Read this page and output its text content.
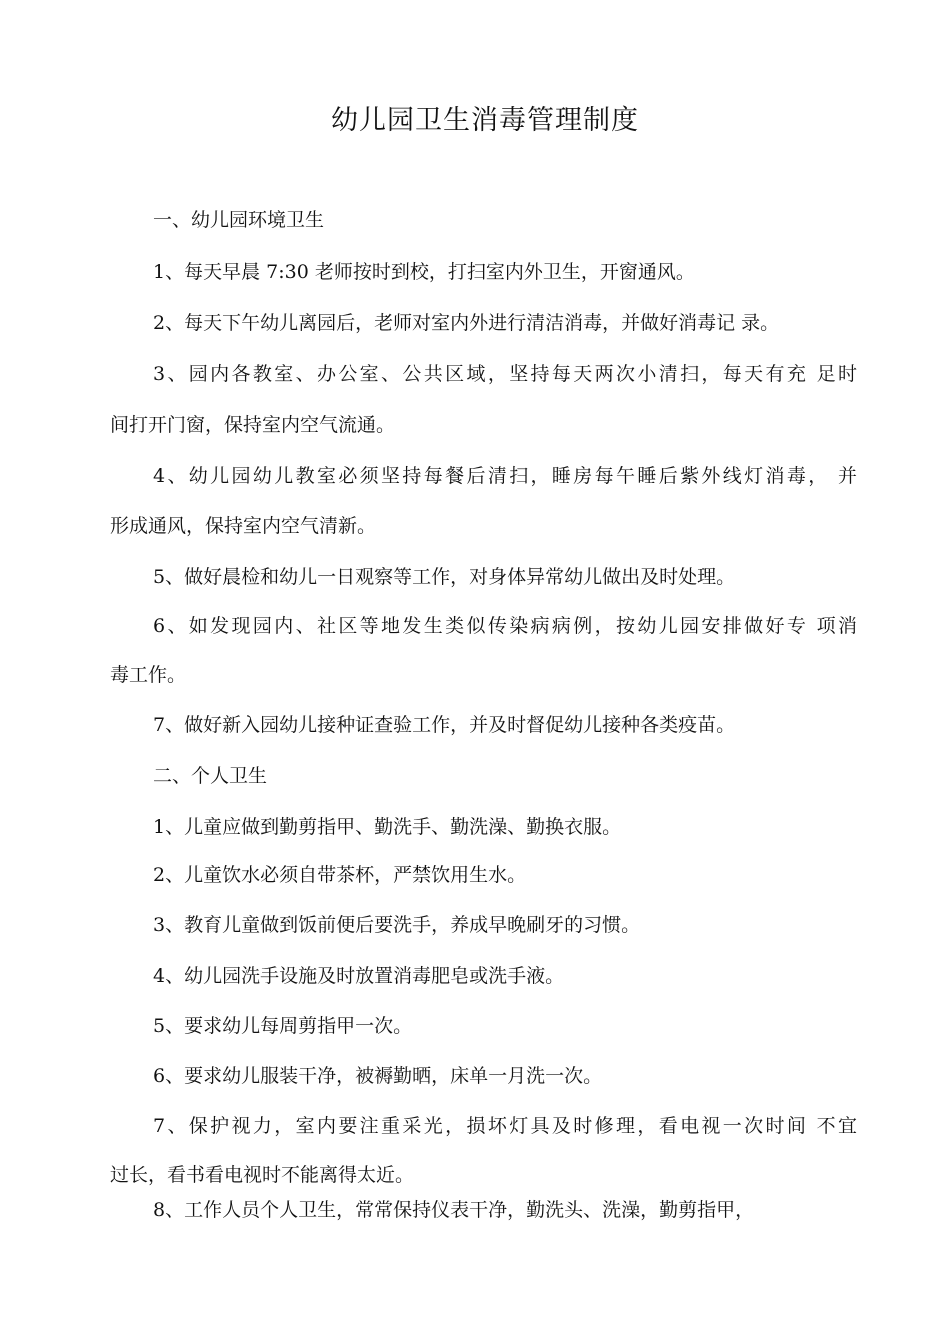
幼儿园卫生消毒管理制度
一、幼儿园环境卫生
1、每天早晨 7:30 老师按时到校，打扫室内外卫生，开窗通风。
2、每天下午幼儿离园后，老师对室内外进行清洁消毒，并做好消毒记 录。
3、园内各教室、办公室、公共区域，坚持每天两次小清扫，每天有充 足时
间打开门窗，保持室内空气流通。
4、幼儿园幼儿教室必须坚持每餐后清扫，睡房每午睡后紫外线灯消毒， 并
形成通风，保持室内空气清新。
5、做好晨检和幼儿一日观察等工作，对身体异常幼儿做出及时处理。
6、如发现园内、社区等地发生类似传染病病例，按幼儿园安排做好专 项消
毒工作。
7、做好新入园幼儿接种证查验工作，并及时督促幼儿接种各类疫苗。
二、个人卫生
1、儿童应做到勤剪指甲、勤洗手、勤洗澡、勤换衣服。
2、儿童饮水必须自带茶杯，严禁饮用生水。
3、教育儿童做到饭前便后要洗手，养成早晚刷牙的习惯。
4、幼儿园洗手设施及时放置消毒肥皂或洗手液。
5、要求幼儿每周剪指甲一次。
6、要求幼儿服装干净，被褥勤晒，床单一月洗一次。
7、保护视力，室内要注重采光，损坏灯具及时修理，看电视一次时间 不宜
过长，看书看电视时不能离得太近。
8、工作人员个人卫生，常常保持仪表干净，勤洗头、洗澡，勤剪指甲，
